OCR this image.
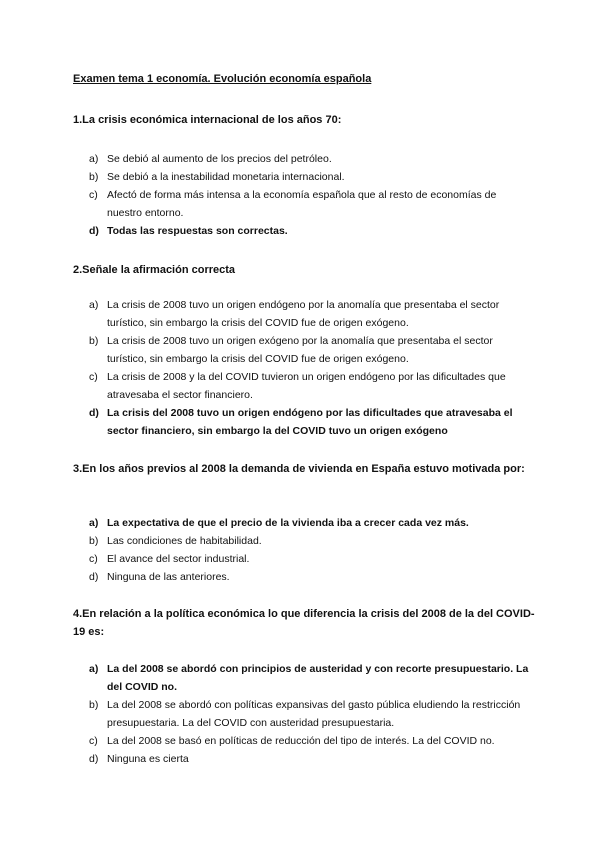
Examen tema 1 economía. Evolución economía española
1.La crisis económica internacional de los años 70:
a) Se debió al aumento de los precios del petróleo.
b) Se debió a la inestabilidad monetaria internacional.
c) Afectó de forma más intensa a la economía española que al resto de economías de nuestro entorno.
d) Todas las respuestas son correctas.
2.Señale la afirmación correcta
a) La crisis de 2008 tuvo un origen endógeno por la anomalía que presentaba el sector turístico, sin embargo la crisis del COVID fue de origen exógeno.
b) La crisis de 2008 tuvo un origen exógeno por la anomalía que presentaba el sector turístico, sin embargo la crisis del COVID fue de origen exógeno.
c) La crisis de 2008 y la del COVID tuvieron un origen endógeno por las dificultades que atravesaba el sector financiero.
d) La crisis del 2008 tuvo un origen endógeno por las dificultades que atravesaba el sector financiero, sin embargo la del COVID tuvo un origen exógeno
3.En los años previos al 2008 la demanda de vivienda en España estuvo motivada por:
a) La expectativa de que el precio de la vivienda iba a crecer cada vez más.
b) Las condiciones de habitabilidad.
c) El avance del sector industrial.
d) Ninguna de las anteriores.
4.En relación a la política económica lo que diferencia la crisis del 2008 de la del COVID-19 es:
a) La del 2008 se abordó con principios de austeridad y con recorte presupuestario. La del COVID no.
b) La del 2008 se abordó con políticas expansivas del gasto pública eludiendo la restricción presupuestaria. La del COVID con austeridad presupuestaria.
c) La del 2008 se basó en políticas de reducción del tipo de interés. La del COVID no.
d) Ninguna es cierta
